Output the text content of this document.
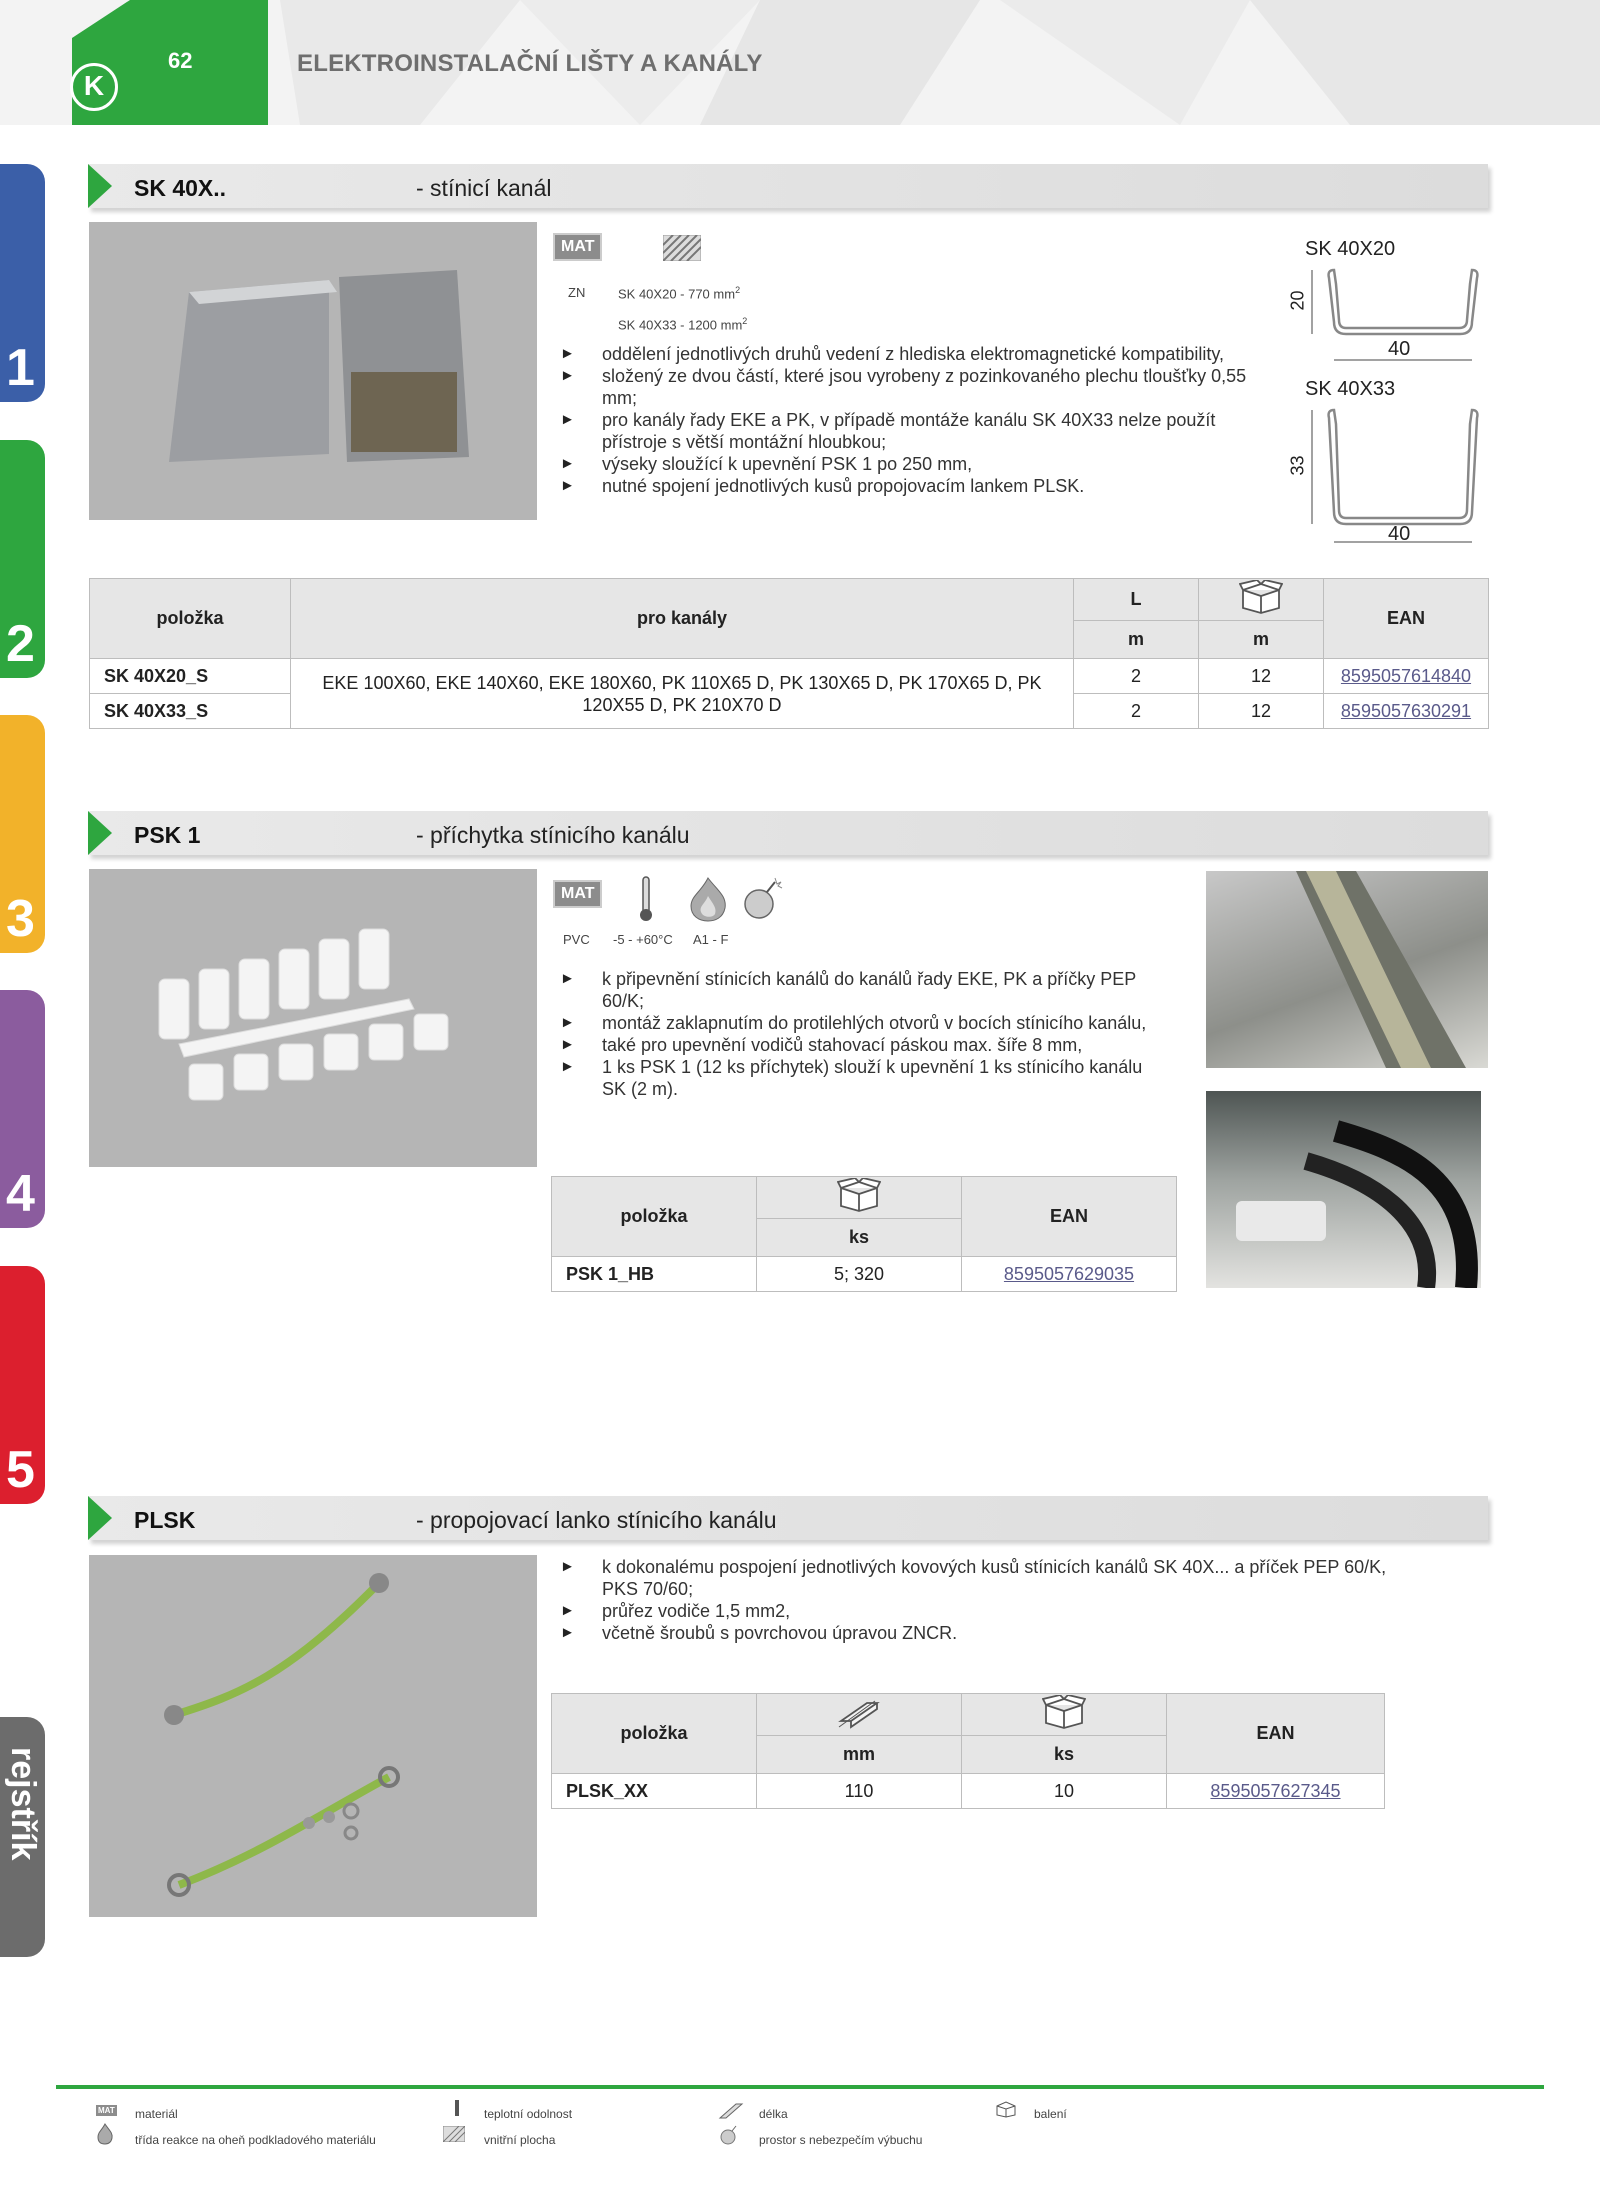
K
62	ELEKTROINSTALAČNÍ LIŠTY A KANÁLY
1
2
3
4
5
rejstřík
SK 40X..	- stínicí kanál
MAT
ZN	SK 40X20 - 770 $mm^2$
SK 40X33 - 1200 $mm^2$
► oddělení jednotlivých druhů vedení z hlediska elektromagnetické kompatibility,
► složený ze dvou částí, které jsou vyrobeny z pozinkovaného plechu tloušťky 0,55 mm;
► pro kanály řady EKE a PK, v případě montáže kanálu SK 40X33 nelze použít přístroje s větší montážní hloubkou;
► výseky sloužící k upevnění PSK 1 po 250 mm,
► nutné spojení jednotlivých kusů propojovacím lankem PLSK.
SK 40X20
20
40
SK 40X33
33
40
položka	pro kanály	L		EAN
		m	m	
SK 40X20_S	EKE 100X60, EKE 140X60, EKE 180X60, PK 110X65 D, PK 130X65 D, PK 170X65 D, PK 120X55 D, PK 210X70 D	2	12	8595057614840
SK 40X33_S		2	12	8595057630291
PSK 1	- příchytka stínicího kanálu
MAT
PVC -5 - +60°C A1 - F
► k připevnění stínicích kanálů do kanálů řady EKE, PK a příčky PEP 60/K;
► montáž zaklapnutím do protilehlých otvorů v bocích stínicího kanálu,
► také pro upevnění vodičů stahovací páskou max. šíře 8 mm,
► 1 ks PSK 1 (12 ks příchytek) slouží k upevnění 1 ks stínicího kanálu SK (2 m).
položka		EAN
	ks	
PSK 1_HB	5; 320	8595057629035
PLSK	- propojovací lanko stínicího kanálu
► k dokonalému pospojení jednotlivých kovových kusů stínicích kanálů SK 40X... a příček PEP 60/K, PKS 70/60;
► průřez vodiče 1,5 mm2,
► včetně šroubů s povrchovou úpravou ZNCR.
položka			EAN
	mm	ks	
PLSK_XX	110	10	8595057627345
MAT materiál	teplotní odolnost	délka	balení
třída reakce na oheň podkladového materiálu	vnitřní plocha	prostor s nebezpečím výbuchu
